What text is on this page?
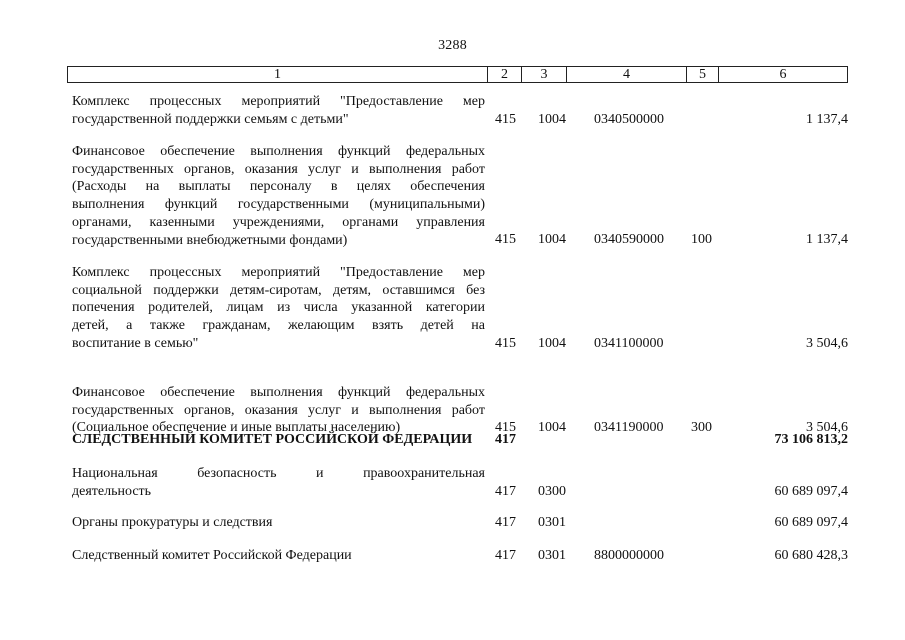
3288
1	2	3	4	5	6
Комплекс процессных мероприятий "Предоставление мер
государственной поддержки семьям с детьми"	415 1004 0340500000	1 137,4
Финансовое обеспечение выполнения функций федеральных
государственных органов, оказания услуг и выполнения работ
(Расходы на выплаты персоналу в целях обеспечения
выполнения функций государственными (муниципальными)
органами, казенными учреждениями, органами управления
государственными внебюджетными фондами)	415 1004 0340590000 100	1 137,4
Комплекс процессных мероприятий "Предоставление мер
социальной поддержки детям-сиротам, детям, оставшимся без
попечения родителей, лицам из числа указанной категории
детей, а также гражданам, желающим взять детей на
воспитание в семью"	415 1004 0341100000	3 504,6
Финансовое обеспечение выполнения функций федеральных
государственных органов, оказания услуг и выполнения работ
(Социальное обеспечение и иные выплаты населению)	415 1004 0341190000 300	3 504,6
СЛЕДСТВЕННЫЙ КОМИТЕТ РОССИЙСКОЙ ФЕДЕРАЦИИ	417	73 106 813,2
Национальная безопасность и правоохранительная
деятельность	417 0300	60 689 097,4
Органы прокуратуры и следствия	417 0301	60 689 097,4
Следственный комитет Российской Федерации	417 0301 8800000000	60 680 428,3
